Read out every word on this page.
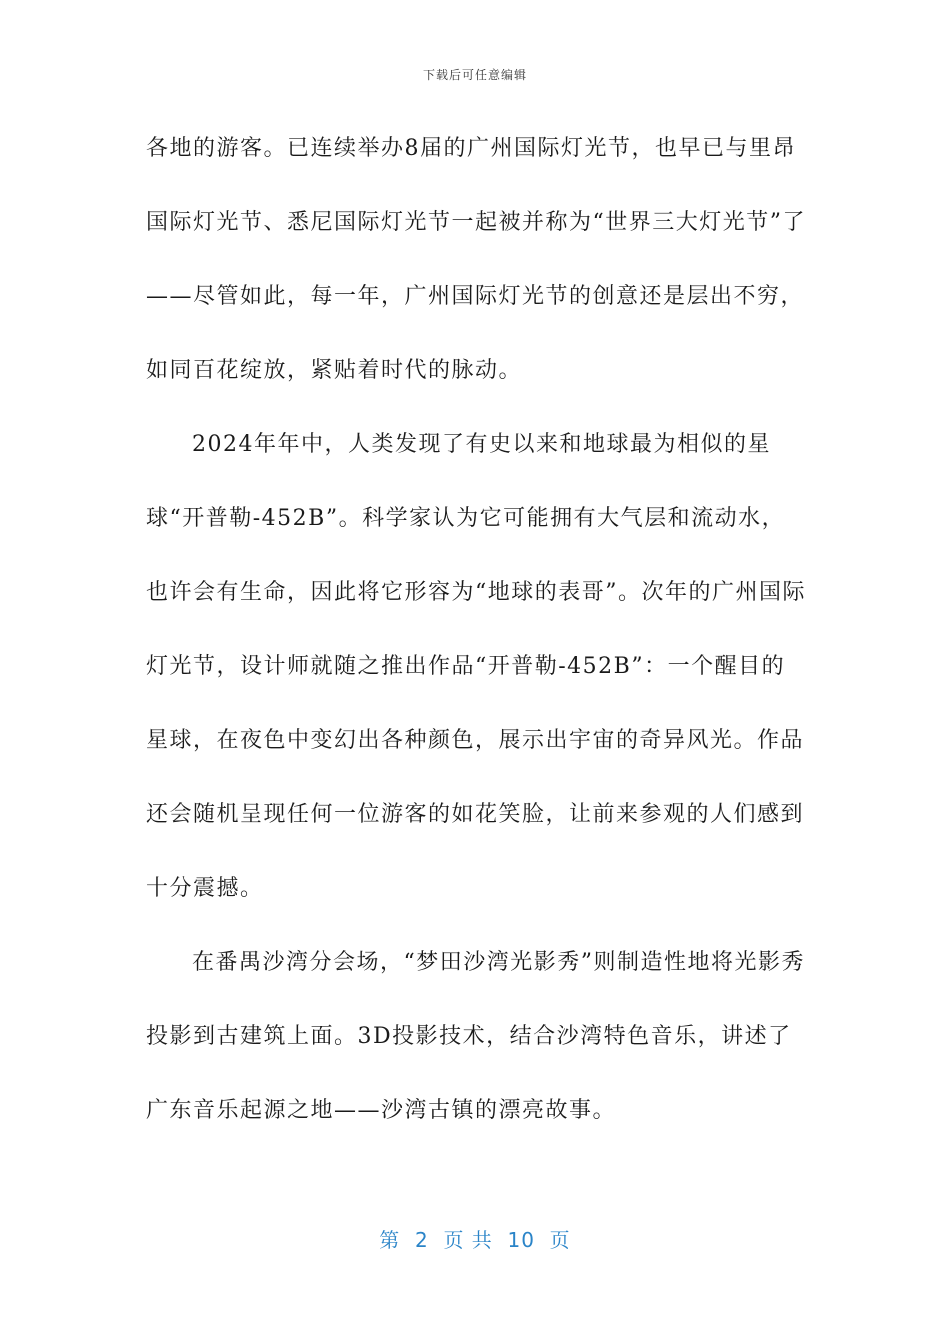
下载后可任意编辑

各地的游客。已连续举办8届的广州国际灯光节，也早已与里昂国际灯光节、悉尼国际灯光节一起被并称为“世界三大灯光节”了——尽管如此，每一年，广州国际灯光节的创意还是层出不穷，如同百花绽放，紧贴着时代的脉动。

2024年年中，人类发现了有史以来和地球最为相似的星球“开普勒-452B”。科学家认为它可能拥有大气层和流动水，也许会有生命，因此将它形容为“地球的表哥”。次年的广州国际灯光节，设计师就随之推出作品“开普勒-452B”：一个醒目的星球，在夜色中变幻出各种颜色，展示出宇宙的奇异风光。作品还会随机呈现任何一位游客的如花笑脸，让前来参观的人们感到十分震撼。

在番禺沙湾分会场，“梦田沙湾光影秀”则制造性地将光影秀投影到古建筑上面。3D投影技术，结合沙湾特色音乐，讲述了广东音乐起源之地——沙湾古镇的漂亮故事。

第  2  页 共  10  页
